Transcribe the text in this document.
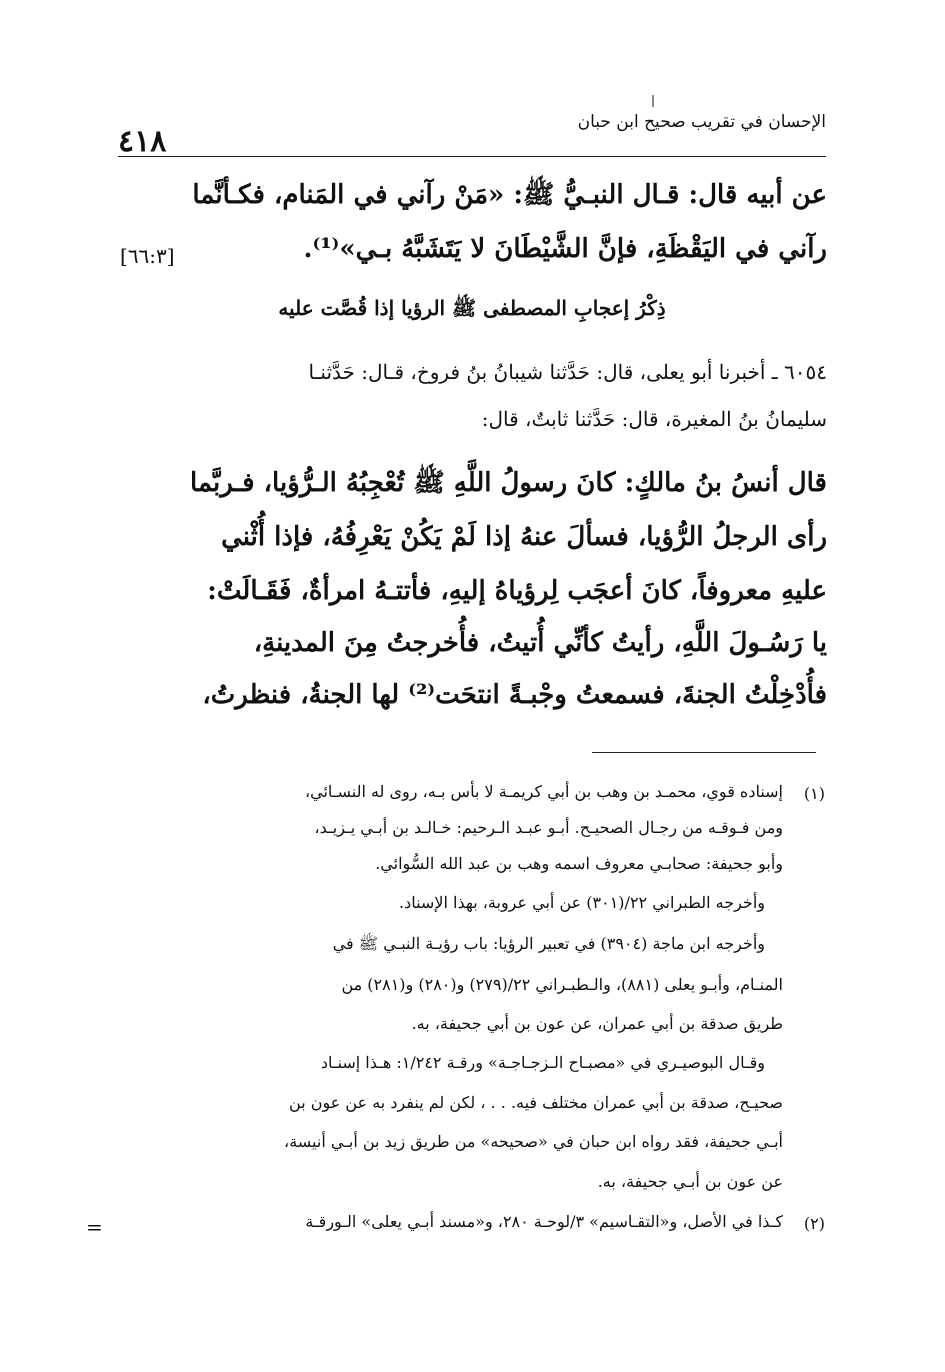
٤١٨
الإحسان في تقريب صحيح ابن حبان
عن أبيه قال: قـال النبـيُّ ﷺ: «مَنْ رآني في المَنام، فكـأنَّما
رآني في اليَقْظَةِ، فإنَّ الشَّيْطَانَ لا يَتَشَبَّهُ بـي»⁽¹⁾.
[٦٦:٣]
ذِكْرُ إعجابِ المصطفى ﷺ الرؤيا إذا قُصَّت عليه
٦٠٥٤ ـ أخبرنا أبو يعلى، قال: حَدَّثنا شيبانُ بنُ فروخ، قـال: حَدَّثنـا
سليمانُ بنُ المغيرة، قال: حَدَّثنا ثابتٌ، قال:
قال أنسُ بنُ مالكٍ: كانَ رسولُ اللَّهِ ﷺ تُعْجِبُهُ الـرُّؤيا، فـربَّما
رأى الرجلُ الرُّؤيا، فسألَ عنهُ إذا لَمْ يَكُنْ يَعْرِفُهُ، فإذا أُثْني
عليهِ معروفاً، كانَ أعجَب لِرؤياهُ إليهِ، فأتتـهُ امرأةٌ، فَقَـالَتْ:
يا رَسُـولَ اللَّهِ، رأيتُ كأنِّي أُتيتُ، فأُخرجتُ مِنَ المدينةِ،
فأُدْخِلْتُ الجنةَ، فسمعتُ وجْبـةً انتحَت⁽²⁾ لها الجنةُ، فنظرتُ،
(١)
إسناده قوي، محمـد بن وهب بن أبي كريمـة لا بأس بـه، روى له النسـائي،
ومن فـوقـه من رجـال الصحيـح. أبـو عبـد الـرحيم: خـالـد بن أبـي يـزيـد،
وأبو جحيفة: صحابـي معروف اسمه وهب بن عبد الله السُّوائي.
وأخرجه الطبراني ٢٢/(٣٠١) عن أبي عروبة، بهذا الإسناد.
وأخرجه ابن ماجة (٣٩٠٤) في تعبير الرؤيا: باب رؤيـة النبـي ﷺ في
المنـام، وأبـو يعلى (٨٨١)، والـطبـراني ٢٢/(٢٧٩) و(٢٨٠) و(٢٨١) من
طريق صدقة بن أبي عمران، عن عون بن أبي جحيفة، به.
وقـال البوصيـري في «مصبـاح الـزجـاجـة» ورقـة ١/٢٤٢: هـذا إسنـاد
صحيـح، صدقة بن أبي عمران مختلف فيه. . . ، لكن لم ينفرد به عن عون بن
أبـي جحيفة، فقد رواه ابن حبان في «صحيحه» من طريق زيد بن أبـي أنيسة،
عن عون بن أبـي جحيفة، به.
(٢)
كـذا في الأصل، و«التقـاسيم» ٣/لوحـة ٢٨٠، و«مسند أبـي يعلى» الـورقـة
=
